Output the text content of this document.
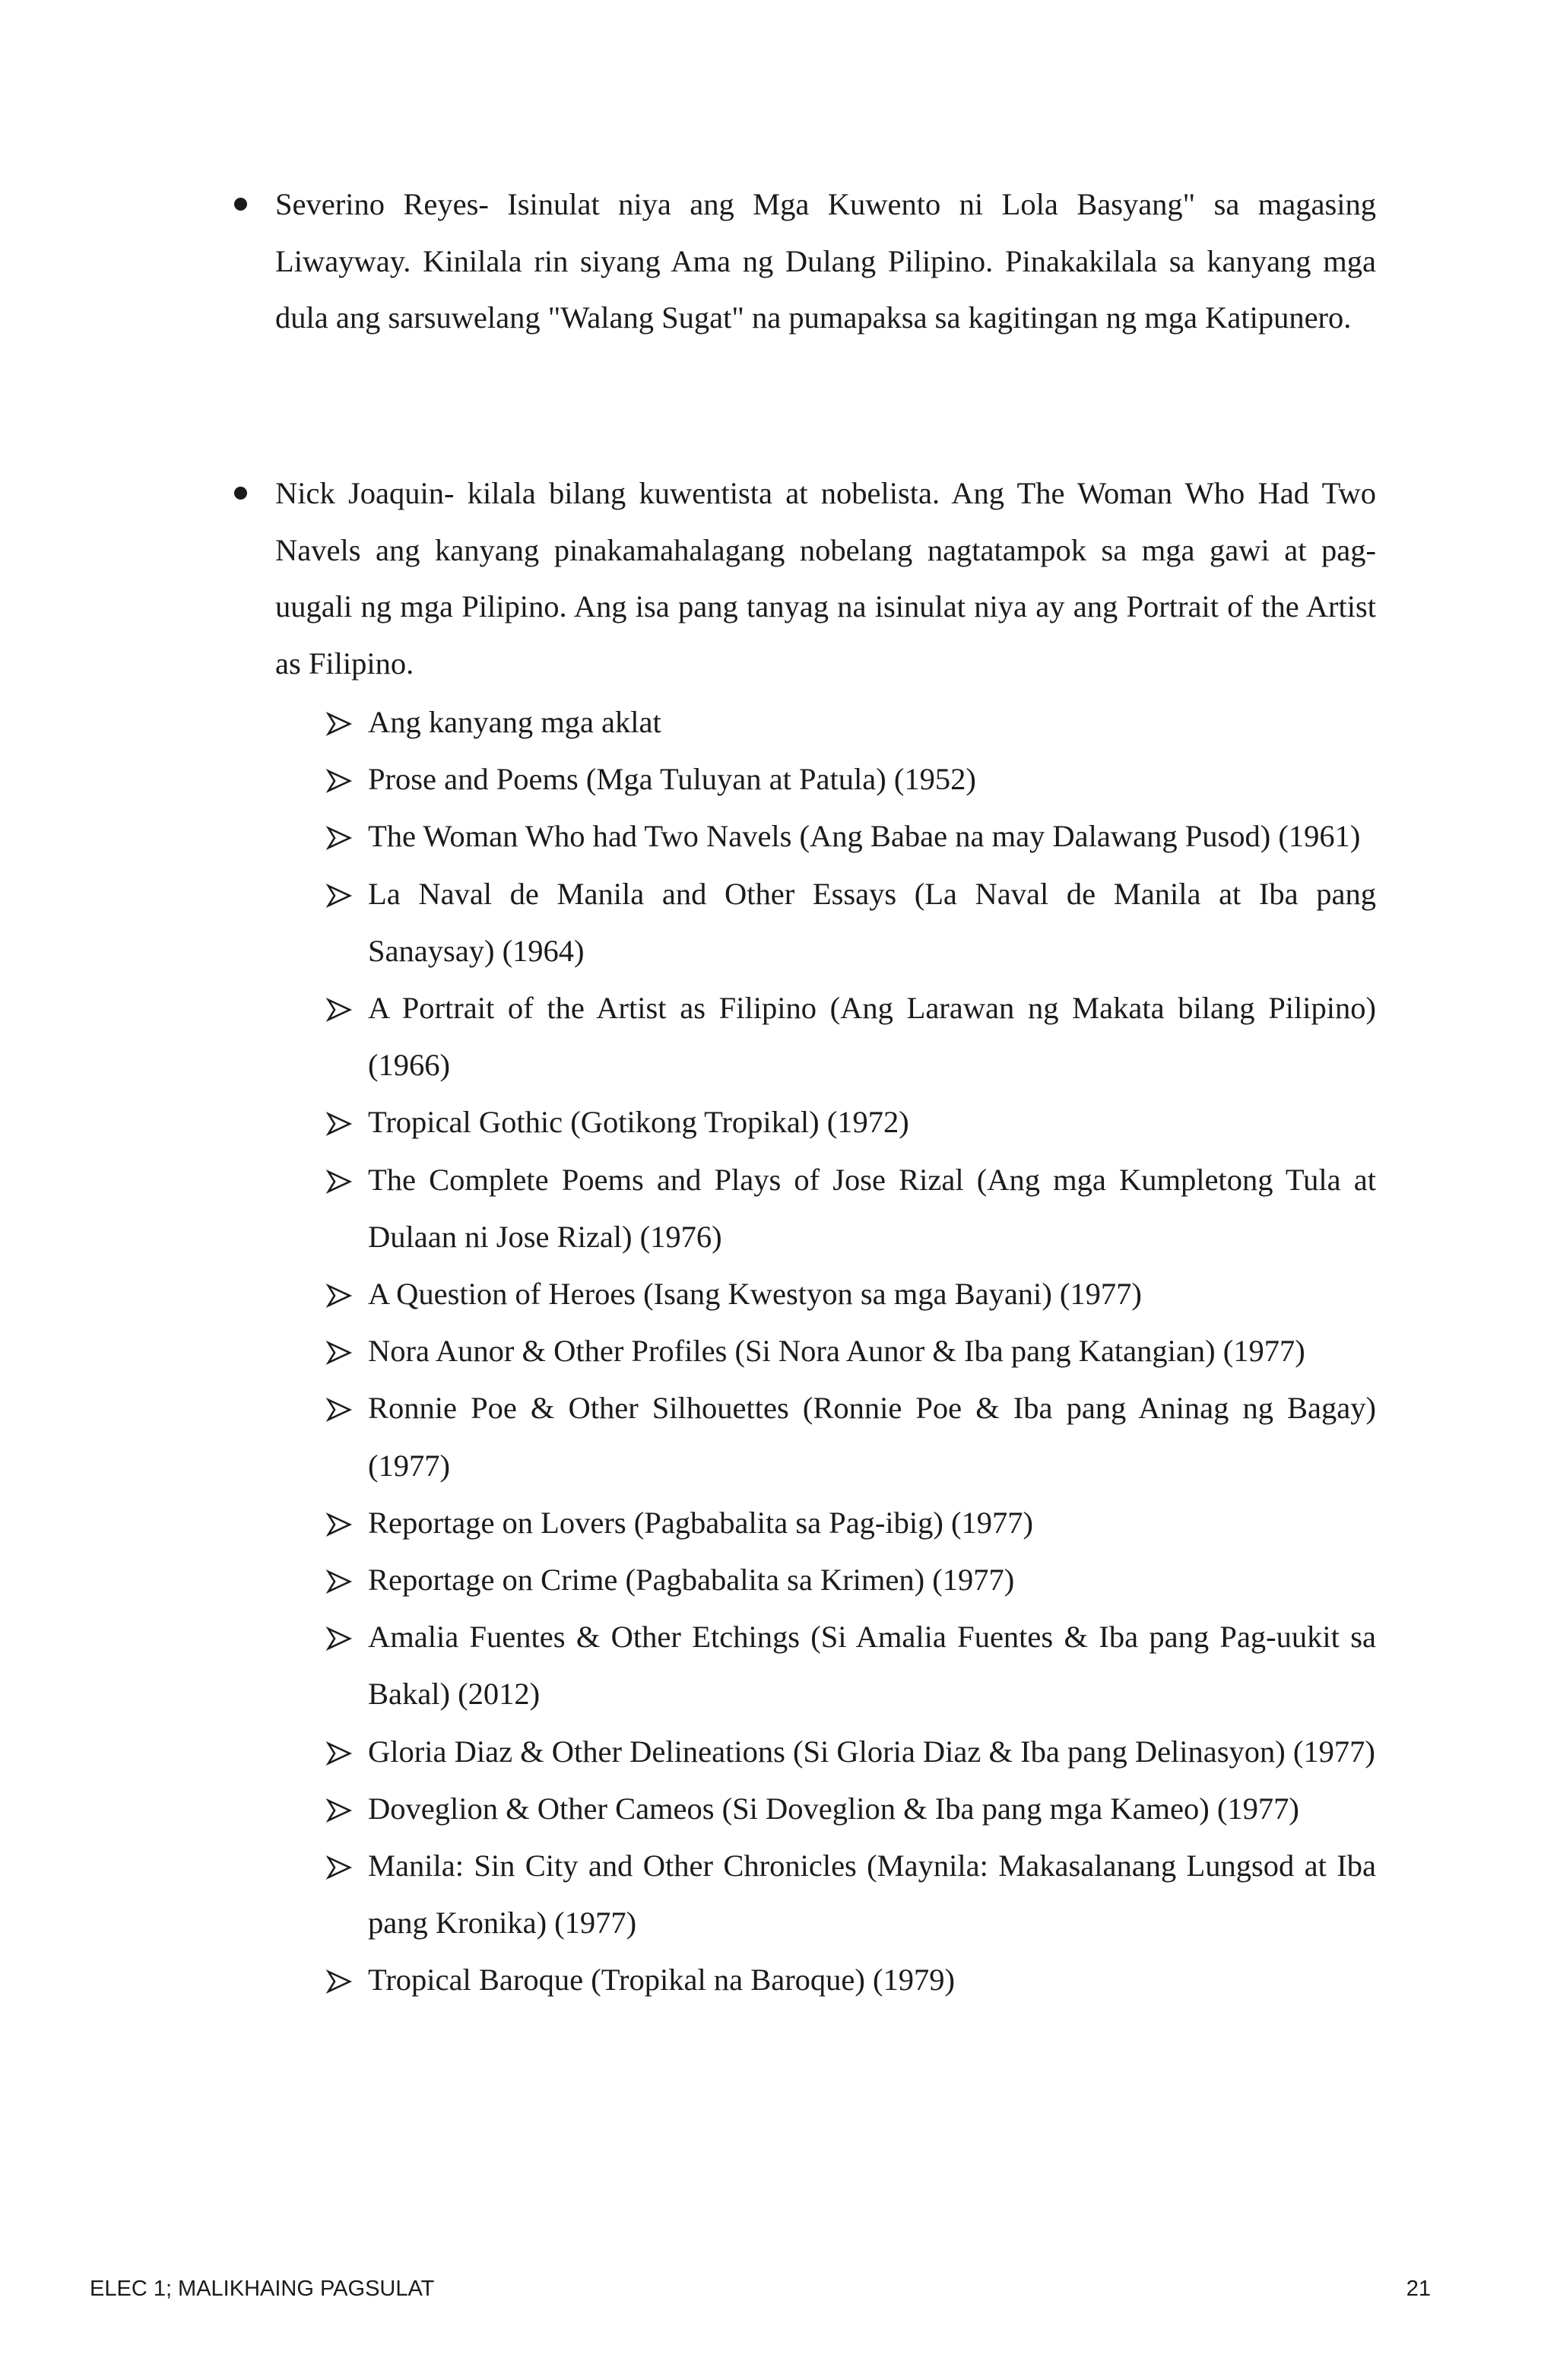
Severino Reyes- Isinulat niya ang Mga Kuwento ni Lola Basyang" sa magasing Liwayway. Kinilala rin siyang Ama ng Dulang Pilipino. Pinakakilala sa kanyang mga dula ang sarsuwelang "Walang Sugat" na pumapaksa sa kagitingan ng mga Katipunero.
Nick Joaquin- kilala bilang kuwentista at nobelista. Ang The Woman Who Had Two Navels ang kanyang pinakamahalagang nobelang nagtatampok sa mga gawi at pag-uugali ng mga Pilipino. Ang isa pang tanyag na isinulat niya ay ang Portrait of the Artist as Filipino.
Ang kanyang mga aklat
Prose and Poems (Mga Tuluyan at Patula) (1952)
The Woman Who had Two Navels (Ang Babae na may Dalawang Pusod) (1961)
La Naval de Manila and Other Essays (La Naval de Manila at Iba pang Sanaysay) (1964)
A Portrait of the Artist as Filipino (Ang Larawan ng Makata bilang Pilipino) (1966)
Tropical Gothic (Gotikong Tropikal) (1972)
The Complete Poems and Plays of Jose Rizal (Ang mga Kumpletong Tula at Dulaan ni Jose Rizal) (1976)
A Question of Heroes (Isang Kwestyon sa mga Bayani) (1977)
Nora Aunor & Other Profiles (Si Nora Aunor & Iba pang Katangian) (1977)
Ronnie Poe & Other Silhouettes (Ronnie Poe & Iba pang Aninag ng Bagay) (1977)
Reportage on Lovers (Pagbabalita sa Pag-ibig) (1977)
Reportage on Crime (Pagbabalita sa Krimen) (1977)
Amalia Fuentes & Other Etchings (Si Amalia Fuentes & Iba pang Pag-uukit sa Bakal) (2012)
Gloria Diaz & Other Delineations (Si Gloria Diaz & Iba pang Delinasyon) (1977)
Doveglion & Other Cameos (Si Doveglion & Iba pang mga Kameo) (1977)
Manila: Sin City and Other Chronicles (Maynila: Makasalanang Lungsod at Iba pang Kronika) (1977)
Tropical Baroque (Tropikal na Baroque) (1979)
ELEC 1; MALIKHAING PAGSULAT	21
